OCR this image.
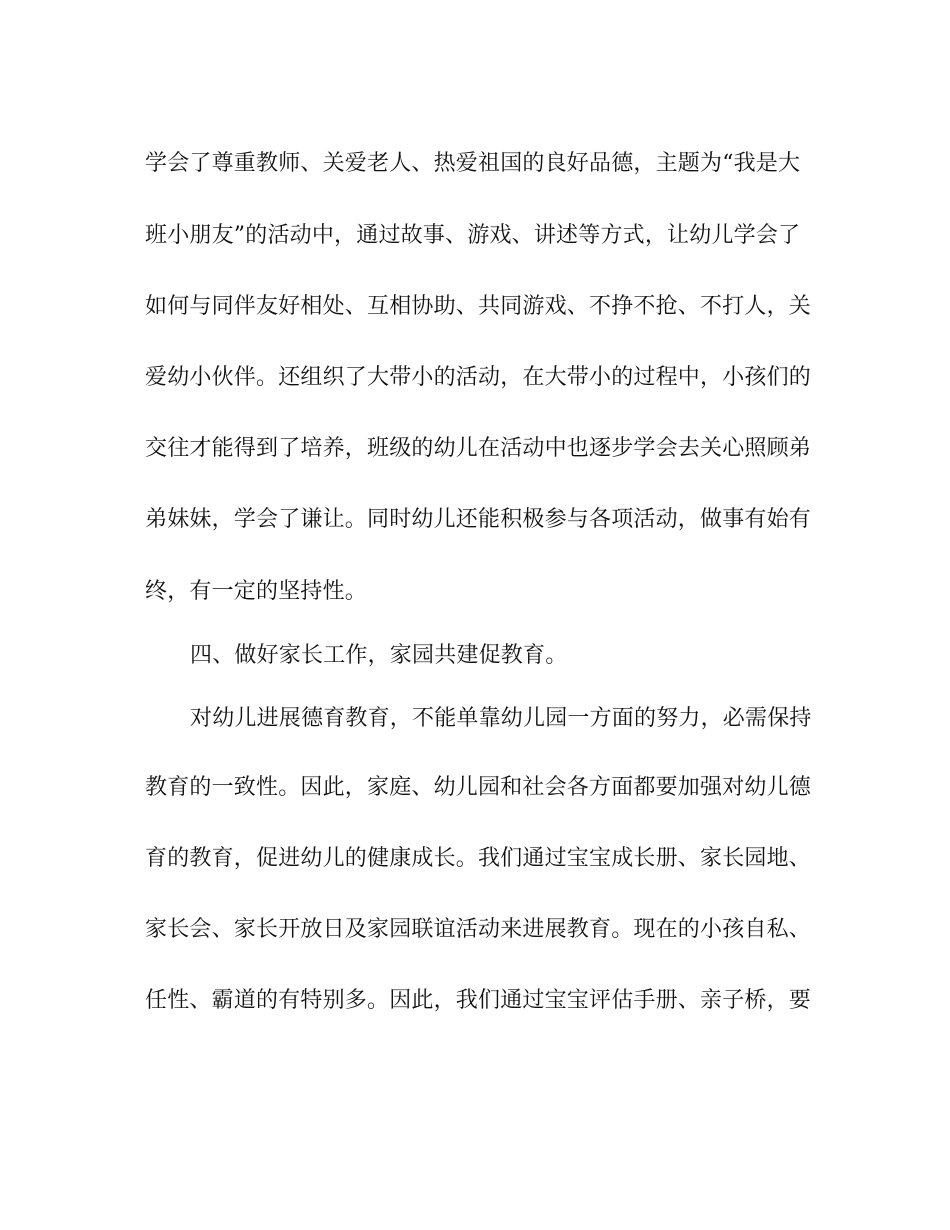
学会了尊重教师、关爱老人、热爱祖国的良好品德，主题为“我是大

班小朋友”的活动中，通过故事、游戏、讲述等方式，让幼儿学会了

如何与同伴友好相处、互相协助、共同游戏、不挣不抢、不打人，关

爱幼小伙伴。还组织了大带小的活动，在大带小的过程中，小孩们的

交往才能得到了培养，班级的幼儿在活动中也逐步学会去关心照顾弟

弟妹妹，学会了谦让。同时幼儿还能积极参与各项活动，做事有始有

终，有一定的坚持性。

四、做好家长工作，家园共建促教育。

对幼儿进展德育教育，不能单靠幼儿园一方面的努力，必需保持

教育的一致性。因此，家庭、幼儿园和社会各方面都要加强对幼儿德

育的教育，促进幼儿的健康成长。我们通过宝宝成长册、家长园地、

家长会、家长开放日及家园联谊活动来进展教育。现在的小孩自私、

任性、霸道的有特别多。因此，我们通过宝宝评估手册、亲子桥，要
